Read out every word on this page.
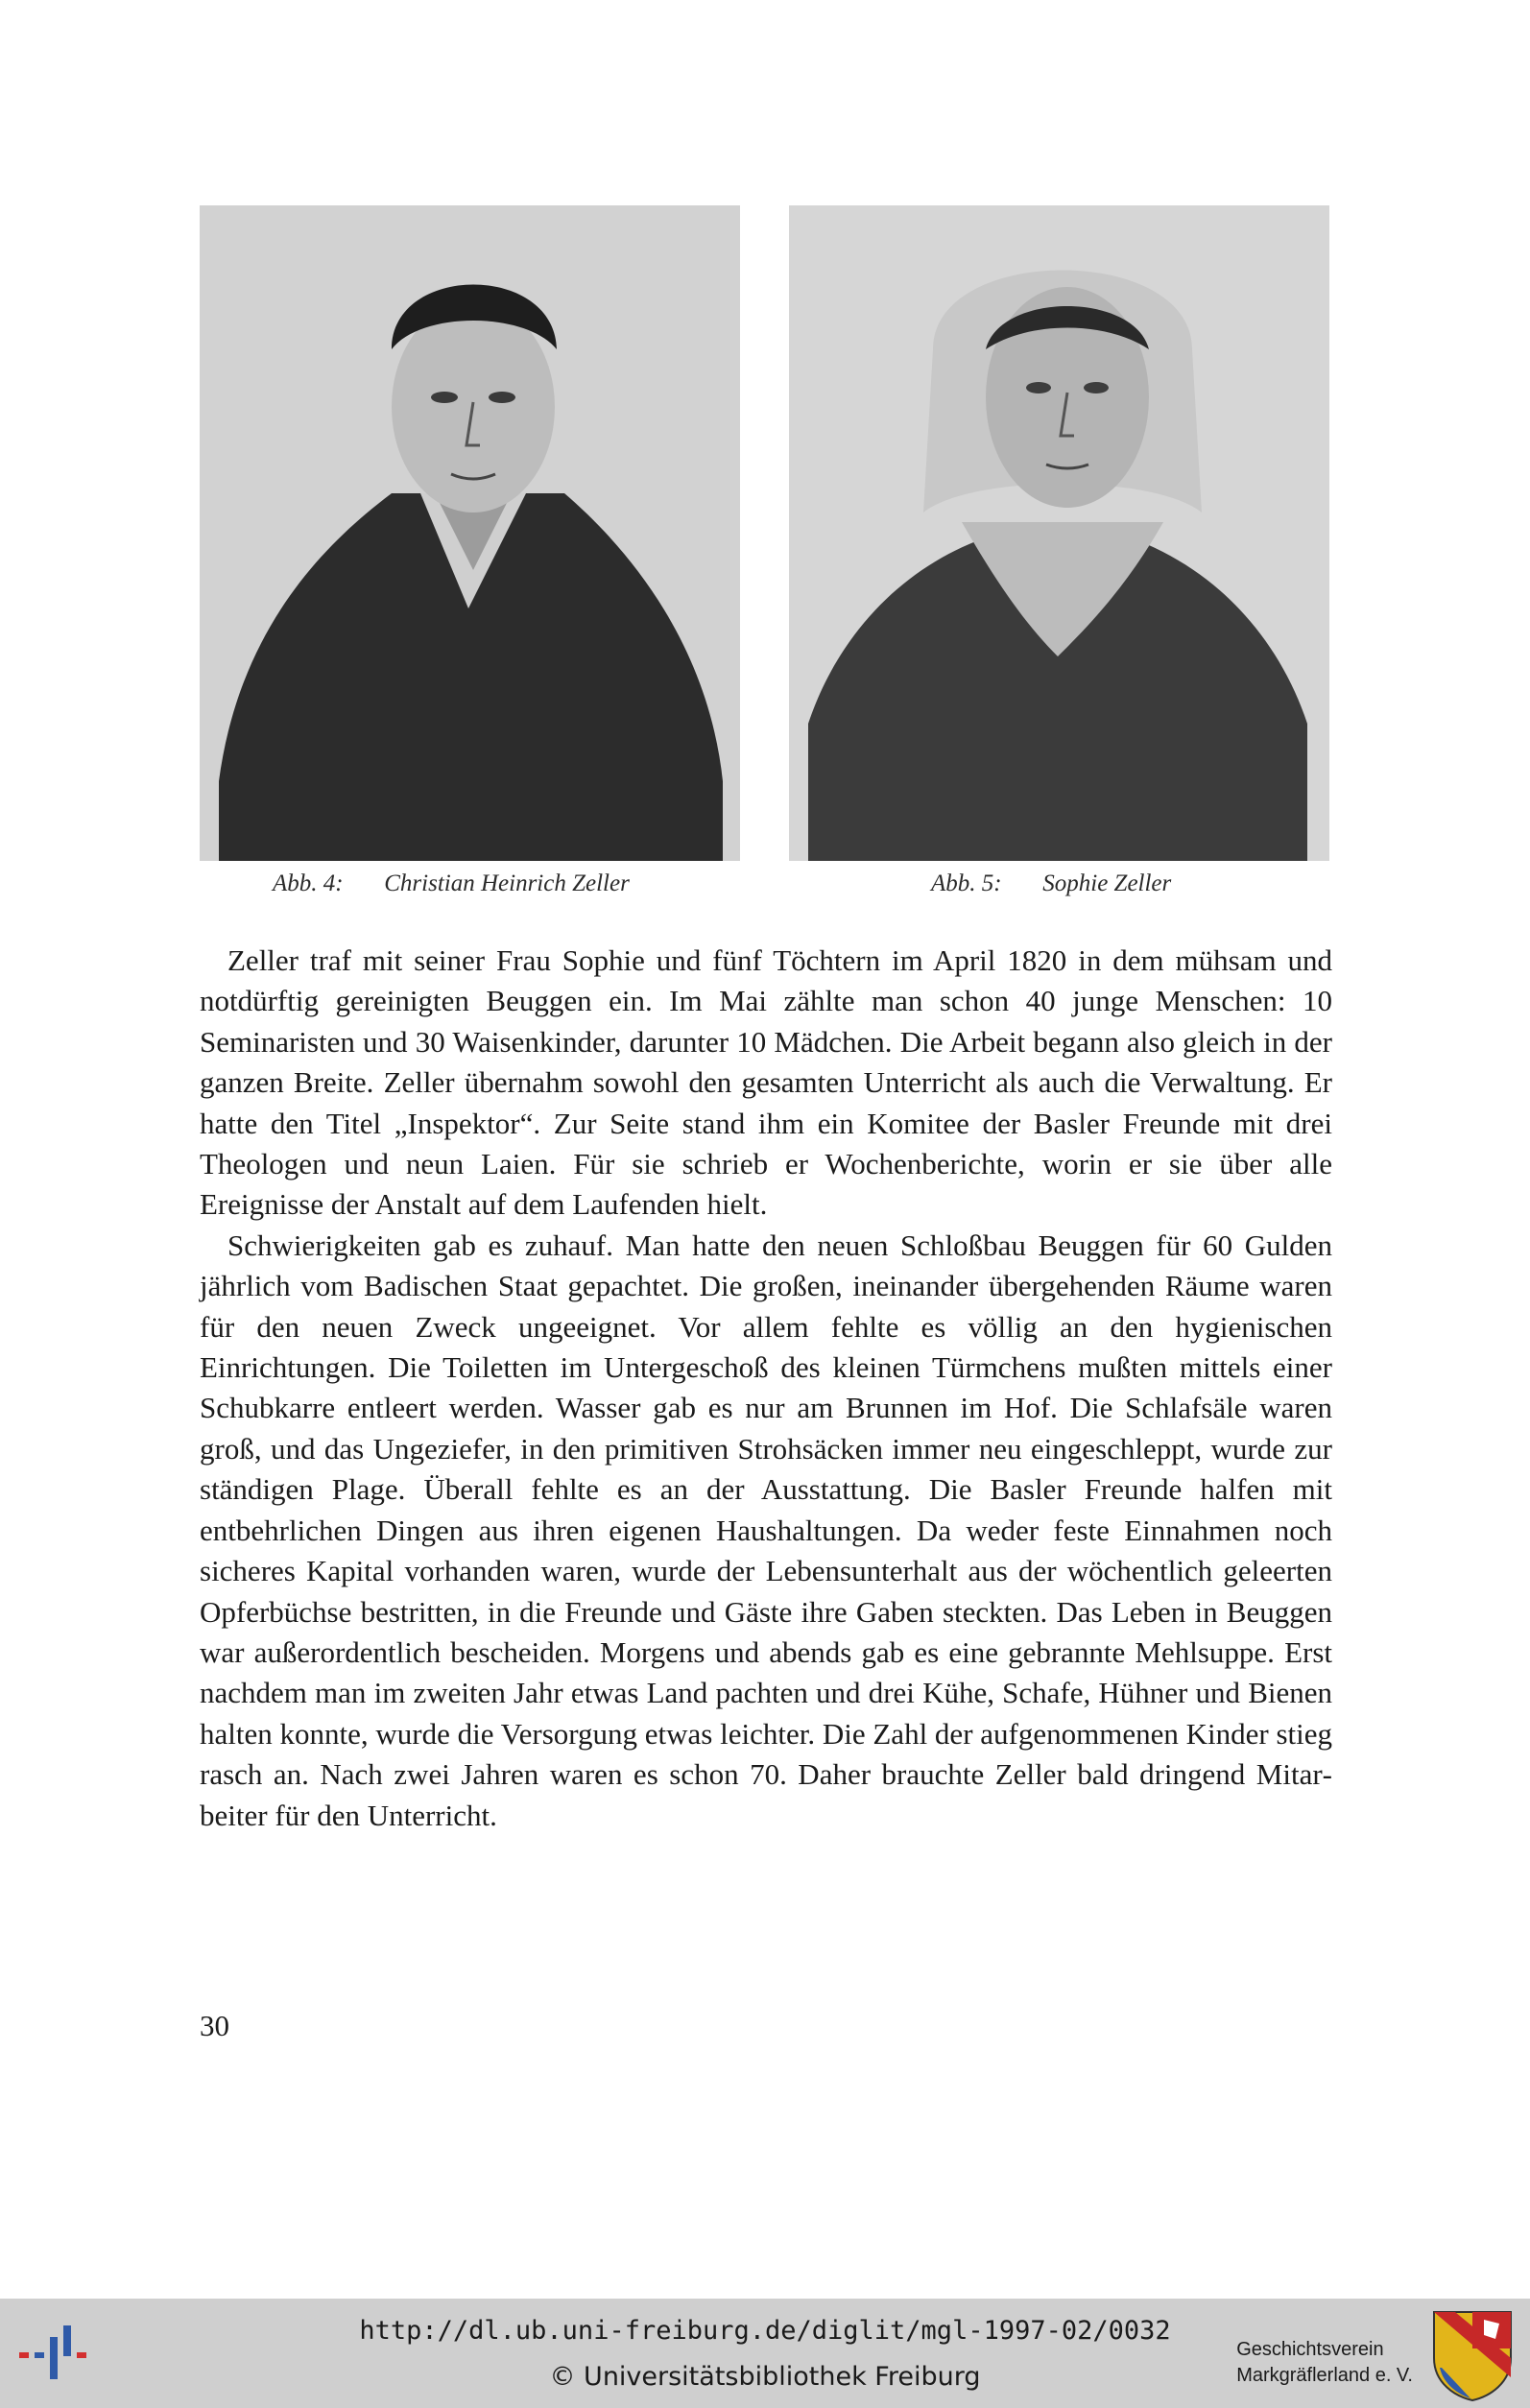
Abb. 4: Christian Heinrich Zeller	Abb. 5: Sophie Zeller

Zeller traf mit seiner Frau Sophie und fünf Töchtern im April 1820 in dem mühsam und notdürftig gereinigten Beuggen ein. Im Mai zählte man schon 40 junge Menschen: 10 Seminaristen und 30 Waisenkinder, darunter 10 Mädchen. Die Arbeit begann also gleich in der ganzen Breite. Zeller übernahm sowohl den gesamten Unterricht als auch die Verwaltung. Er hatte den Titel „Inspektor“. Zur Seite stand ihm ein Komitee der Basler Freunde mit drei Theologen und neun Laien. Für sie schrieb er Wochenberichte, worin er sie über alle Ereignisse der Anstalt auf dem Laufenden hielt.

Schwierigkeiten gab es zuhauf. Man hatte den neuen Schloßbau Beuggen für 60 Gulden jährlich vom Badischen Staat gepachtet. Die großen, ineinander übergehenden Räume waren für den neuen Zweck ungeeignet. Vor allem fehlte es völlig an den hygienischen Einrichtungen. Die Toiletten im Untergeschoß des kleinen Türmchens mußten mittels einer Schubkarre entleert werden. Wasser gab es nur am Brunnen im Hof. Die Schlafsäle waren groß, und das Ungeziefer, in den primitiven Strohsäcken immer neu eingeschleppt, wurde zur ständigen Plage. Überall fehlte es an der Ausstattung. Die Basler Freunde halfen mit entbehrlichen Dingen aus ihren eigenen Haushaltungen. Da weder feste Einnahmen noch sicheres Kapital vorhanden waren, wurde der Lebensunterhalt aus der wöchentlich geleerten Opferbüchse bestritten, in die Freunde und Gäste ihre Gaben steckten. Das Leben in Beuggen war außerordentlich bescheiden. Morgens und abends gab es eine gebrannte Mehlsuppe. Erst nachdem man im zweiten Jahr etwas Land pachten und drei Kühe, Schafe, Hühner und Bienen halten konnte, wurde die Versorgung etwas leichter. Die Zahl der aufgenommenen Kinder stieg rasch an. Nach zwei Jahren waren es schon 70. Daher brauchte Zeller bald dringend Mitarbeiter für den Unterricht.

30
http://dl.ub.uni-freiburg.de/diglit/mgl-1997-02/0032
© Universitätsbibliothek Freiburg
Geschichtsverein
Markgräflerland e. V.
